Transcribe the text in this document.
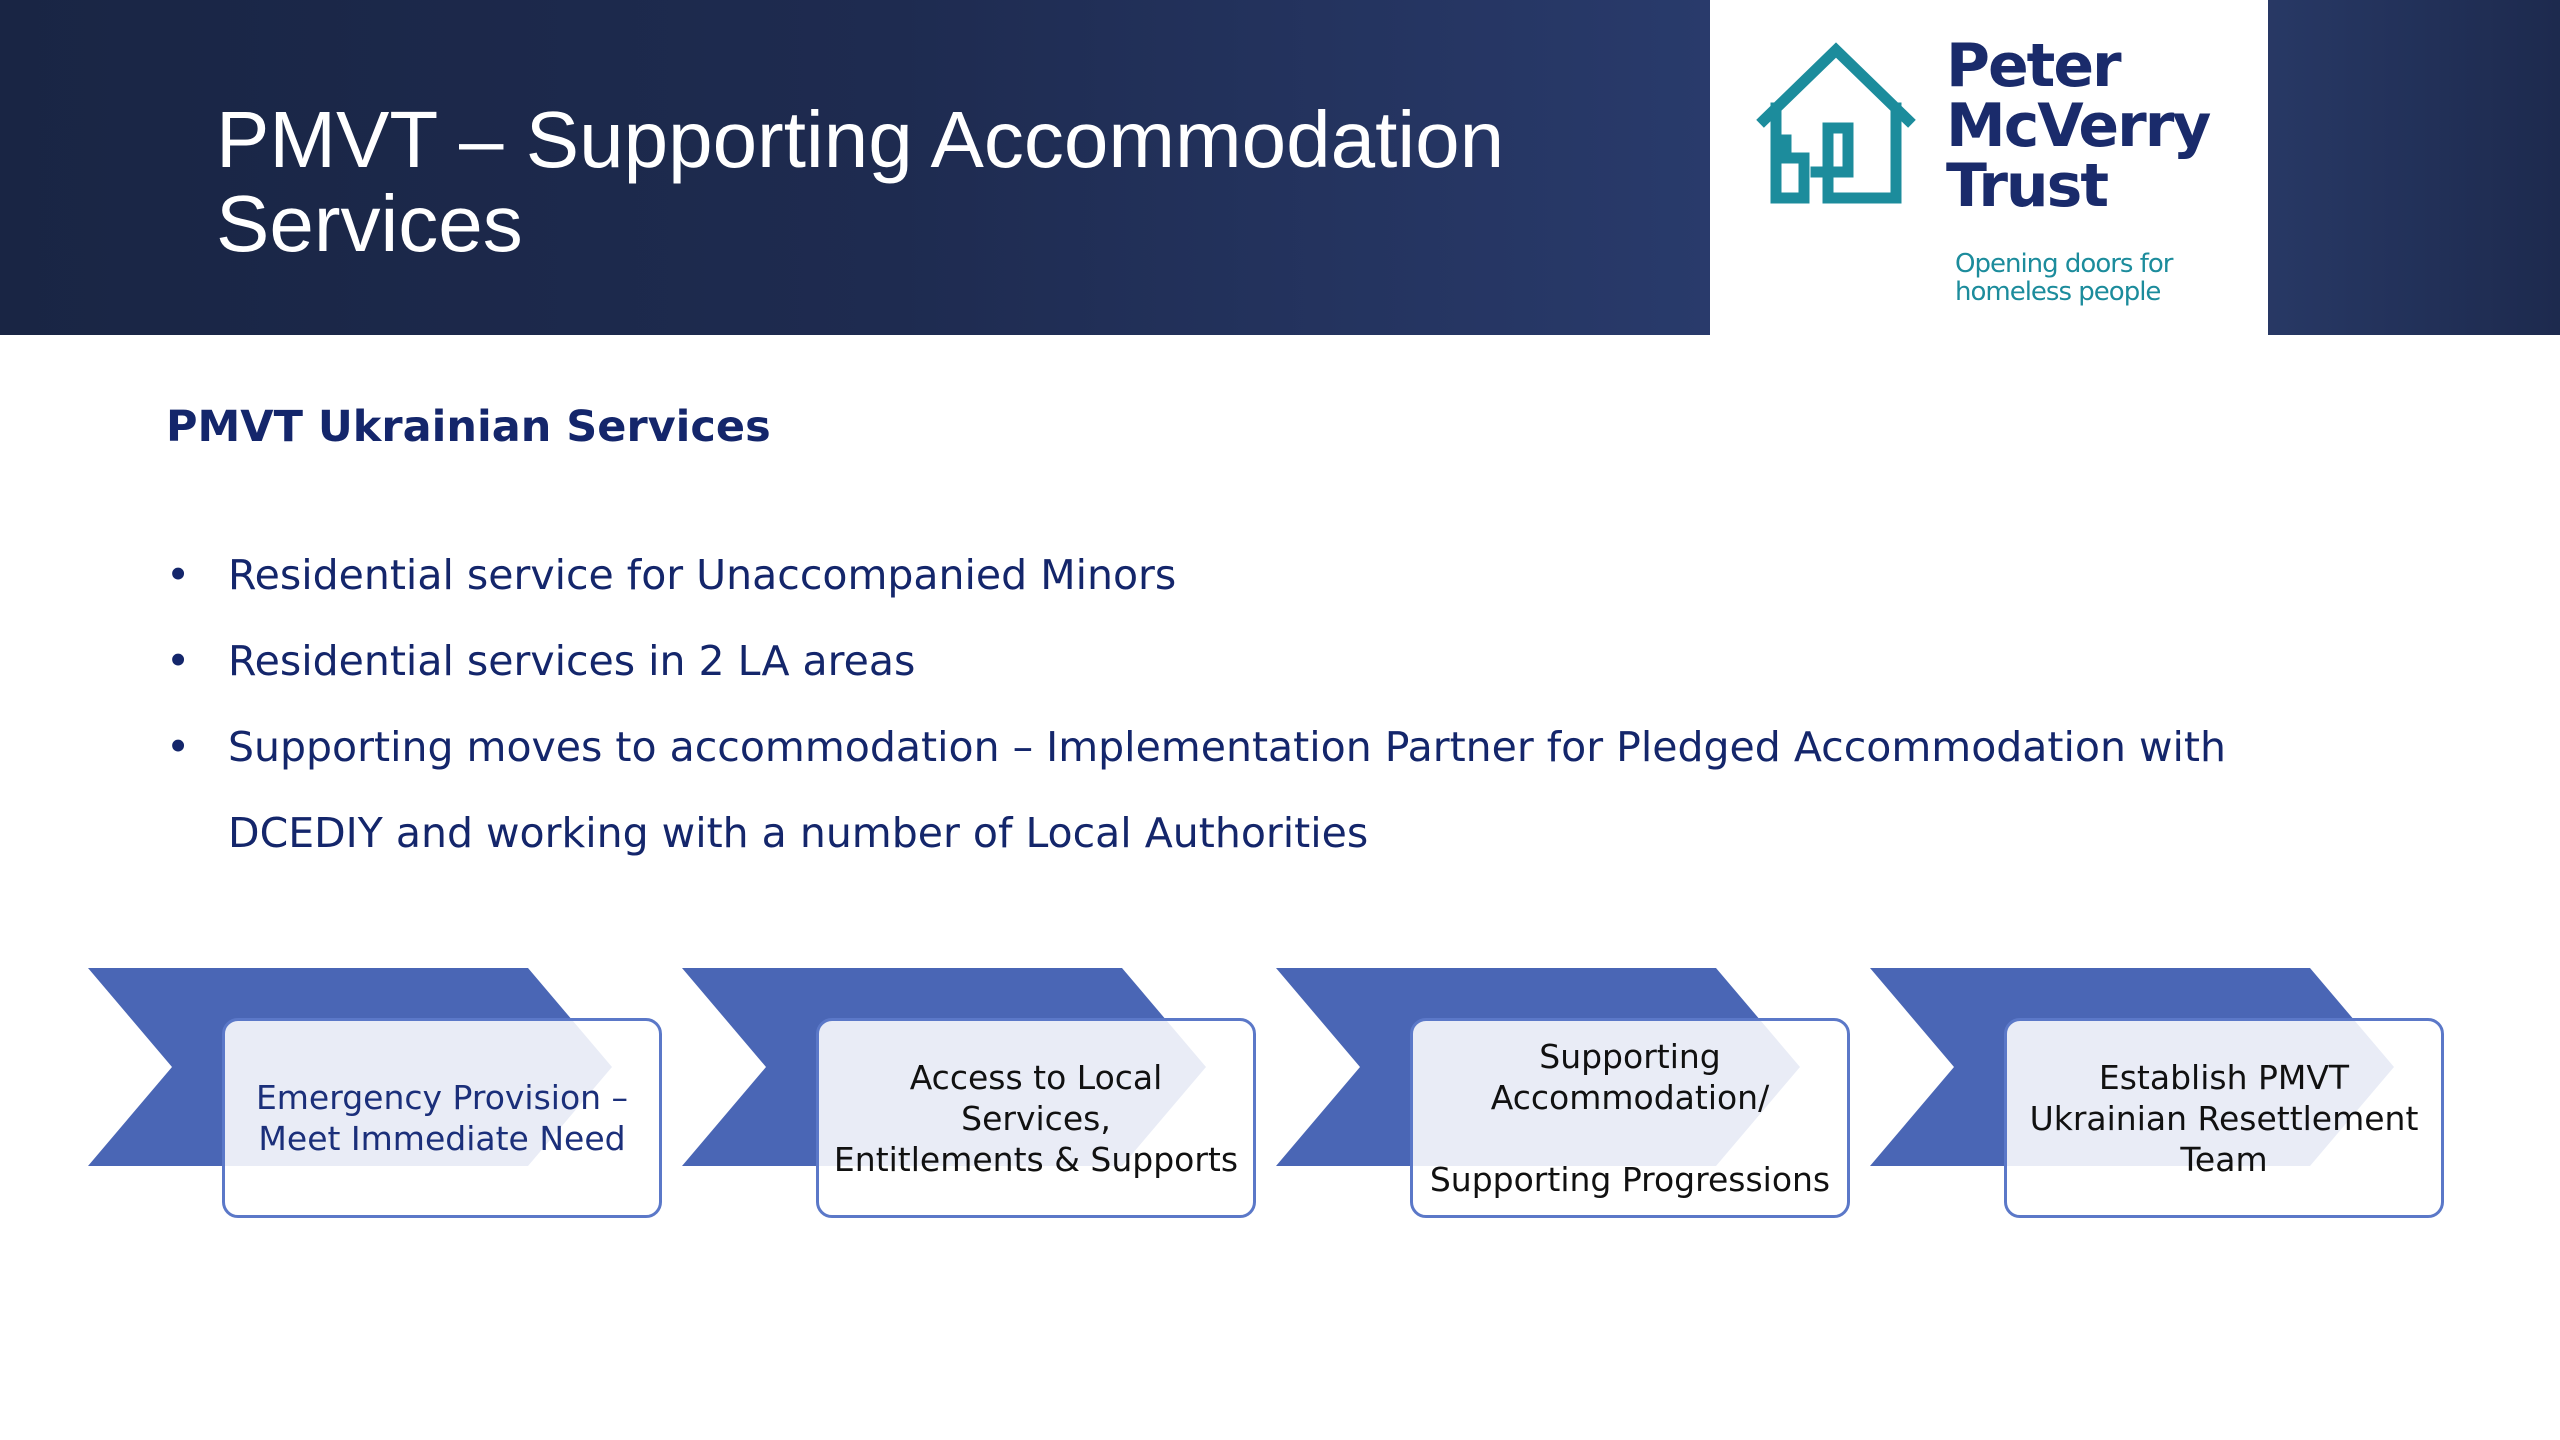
PMVT – Supporting Accommodation Services
Peter
McVerry
Trust
Opening doors for
homeless people
PMVT Ukrainian Services
• Residential service for Unaccompanied Minors
• Residential services in 2 LA areas
• Supporting moves to accommodation – Implementation Partner for Pledged Accommodation with DCEDIY and working with a number of Local Authorities
Emergency Provision –
Meet Immediate Need
Access to Local Services,
Entitlements & Supports
Supporting
Accommodation/

Supporting Progressions
Establish PMVT
Ukrainian Resettlement
Team
